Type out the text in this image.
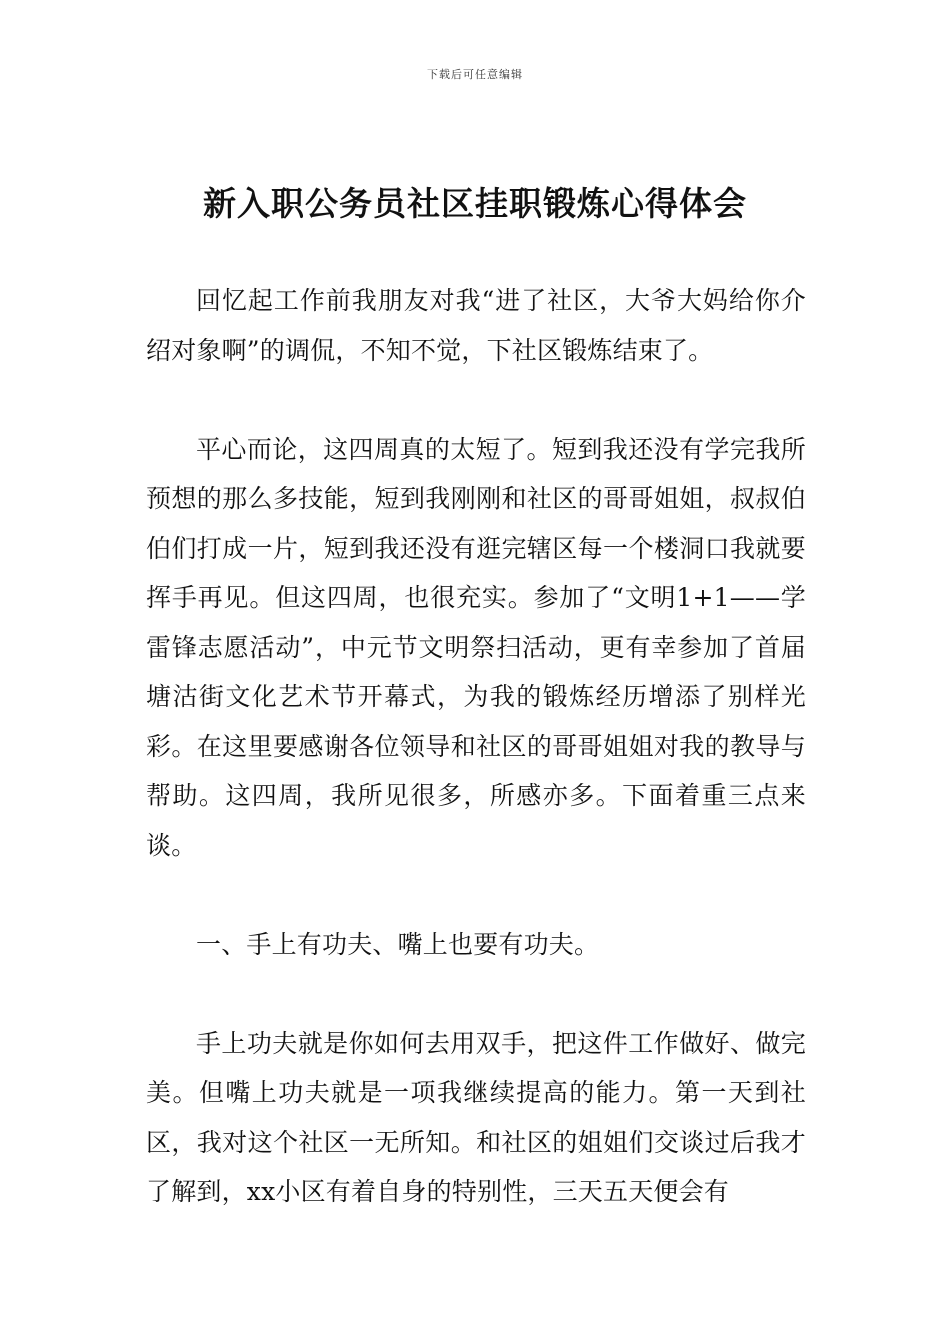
下载后可任意编辑
新入职公务员社区挂职锻炼心得体会

回忆起工作前我朋友对我“进了社区，大爷大妈给你介绍对象啊”的调侃，不知不觉，下社区锻炼结束了。

平心而论，这四周真的太短了。短到我还没有学完我所预想的那么多技能，短到我刚刚和社区的哥哥姐姐，叔叔伯伯们打成一片，短到我还没有逛完辖区每一个楼洞口我就要挥手再见。但这四周，也很充实。参加了“文明1+1——学雷锋志愿活动”，中元节文明祭扫活动，更有幸参加了首届塘沽街文化艺术节开幕式，为我的锻炼经历增添了别样光彩。在这里要感谢各位领导和社区的哥哥姐姐对我的教导与帮助。这四周，我所见很多，所感亦多。下面着重三点来谈。

一、手上有功夫、嘴上也要有功夫。

手上功夫就是你如何去用双手，把这件工作做好、做完美。但嘴上功夫就是一项我继续提高的能力。第一天到社区，我对这个社区一无所知。和社区的姐姐们交谈过后我才了解到，xx小区有着自身的特别性，三天五天便会有
